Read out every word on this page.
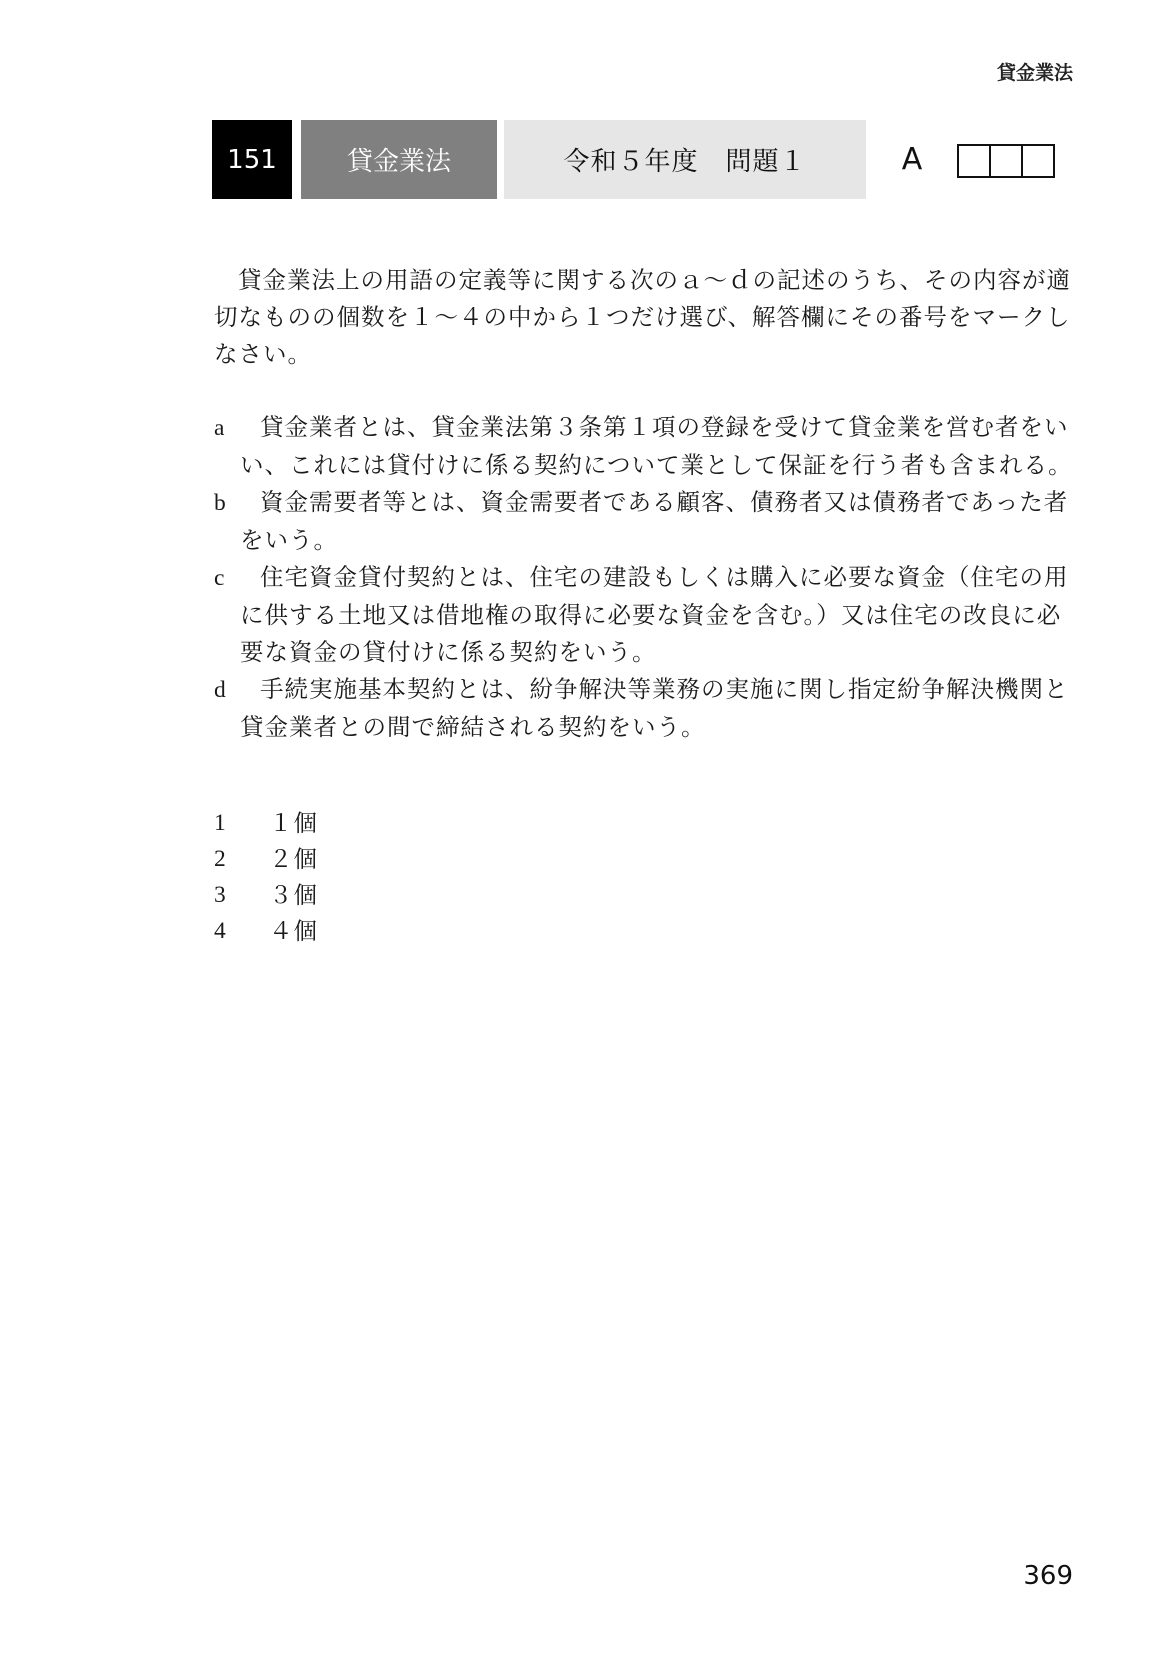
貸金業法
151	貸金業法	令和５年度　問題１	A
貸金業法上の用語の定義等に関する次のａ～ｄの記述のうち、その内容が適切なものの個数を１～４の中から１つだけ選び、解答欄にその番号をマークしなさい。
a 貸金業者とは、貸金業法第３条第１項の登録を受けて貸金業を営む者をいい、これには貸付けに係る契約について業として保証を行う者も含まれる。
b 資金需要者等とは、資金需要者である顧客、債務者又は債務者であった者をいう。
c 住宅資金貸付契約とは、住宅の建設もしくは購入に必要な資金（住宅の用に供する土地又は借地権の取得に必要な資金を含む。）又は住宅の改良に必要な資金の貸付けに係る契約をいう。
d 手続実施基本契約とは、紛争解決等業務の実施に関し指定紛争解決機関と貸金業者との間で締結される契約をいう。
1	１個
2	２個
3	３個
4	４個
369
